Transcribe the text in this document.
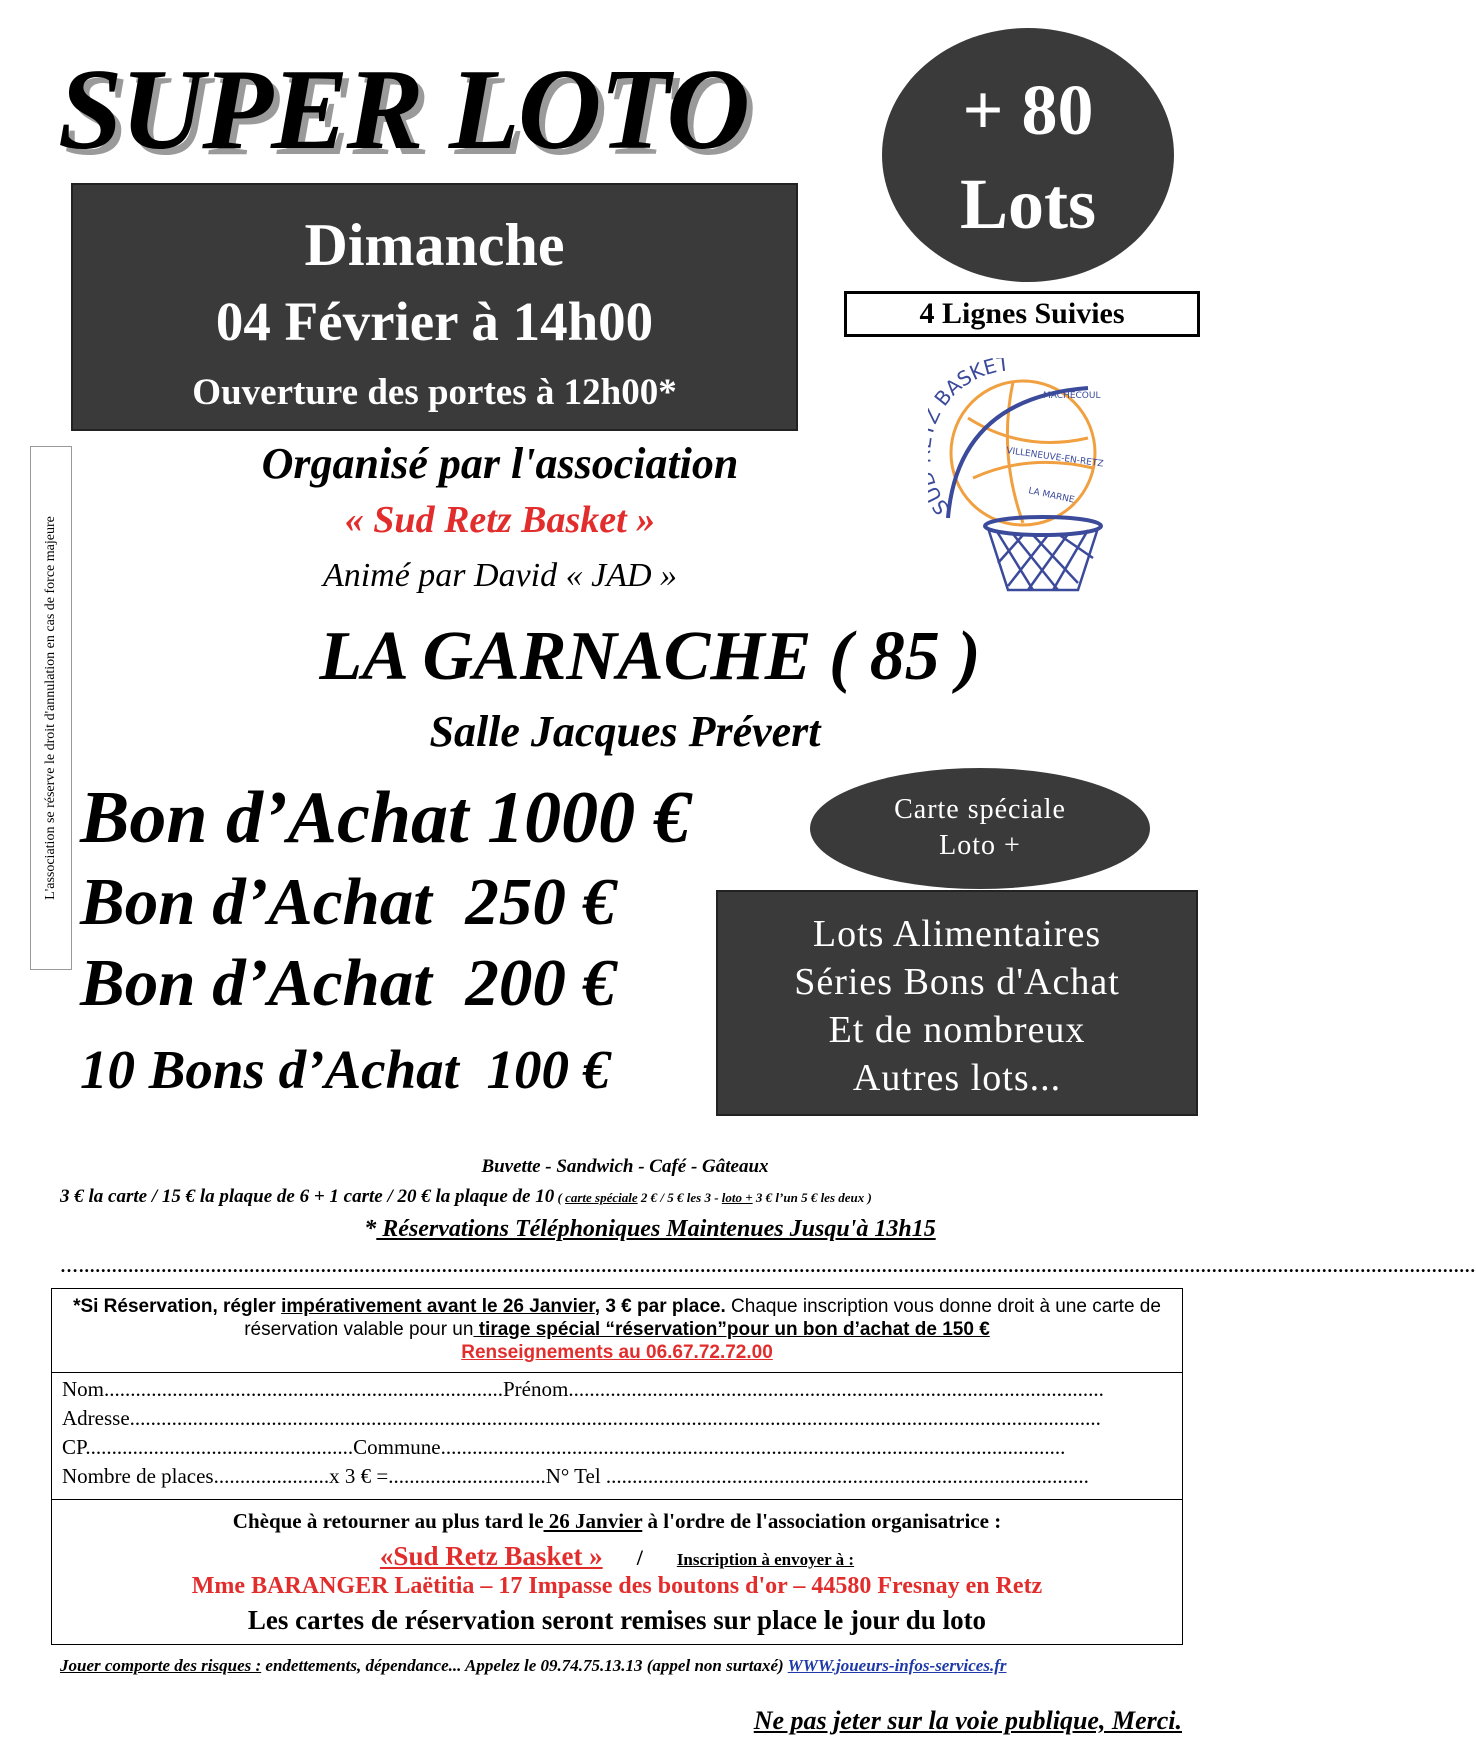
SUPER LOTO
Dimanche
04 Février à 14h00
Ouverture des portes à 12h00*
+ 80
Lots
4 Lignes Suivies
S BASKET
MACHECOUL
VILLENEUVE-EN-RETZ
LA MARNE
L'association se réserve le droit d'annulation en cas de force majeure
Organisé par l'association
« Sud Retz Basket »
Animé par David « JAD »
LA GARNACHE ( 85 )
Salle Jacques Prévert
Bon d’Achat 1000 €
Bon d’Achat  250 €
Bon d’Achat  200 €
10 Bons d’Achat  100 €
Carte spéciale
Loto +
Lots Alimentaires
Séries Bons d'Achat
Et de nombreux
Autres lots...
Buvette - Sandwich - Café - Gâteaux
3 € la carte / 15 € la plaque de 6 + 1 carte / 20 € la plaque de 10 ( carte spéciale 2 € / 5 € les 3 - loto + 3 € l’un 5 € les deux )
* Réservations Téléphoniques Maintenues Jusqu'à 13h15
…..............................................................................................................................................................................................................................................................
*Si Réservation, régler impérativement avant le 26 Janvier, 3 € par place. Chaque inscription vous donne droit à une carte de réservation valable pour un tirage spécial “réservation”pour un bon d’achat de 150 €
Renseignements au 06.67.72.72.00
Nom............................................................................Prénom......................................................................................................
Adresse.........................................................................................................................................................................................
CP...................................................Commune.......................................................................................................................
Nombre de places......................x 3 € =..............................N° Tel ............................................................................................
Chèque à retourner au plus tard le 26 Janvier à l'ordre de l'association organisatrice :
«Sud Retz Basket » / Inscription à envoyer à :
Mme BARANGER Laëtitia – 17 Impasse des boutons d'or – 44580 Fresnay en Retz
Les cartes de réservation seront remises sur place le jour du loto
Jouer comporte des risques : endettements, dépendance... Appelez le 09.74.75.13.13 (appel non surtaxé) WWW.joueurs-infos-services.fr
Ne pas jeter sur la voie publique, Merci.
